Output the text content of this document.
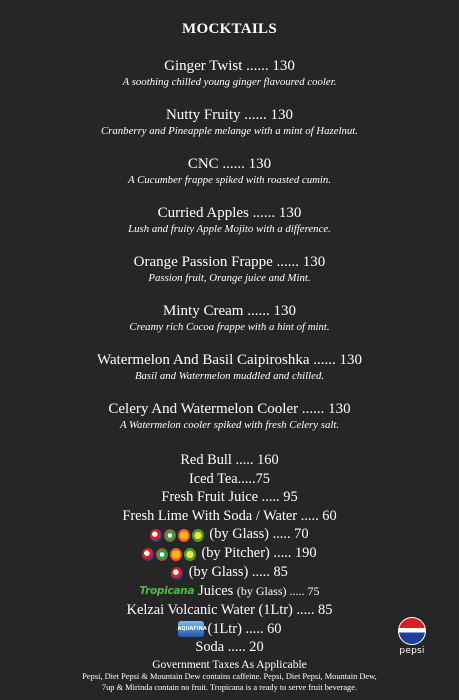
MOCKTAILS
Ginger Twist ...... 130
A soothing chilled young ginger flavoured cooler.
Nutty Fruity ...... 130
Cranberry and Pineapple melange with a mint of Hazelnut.
CNC ...... 130
A Cucumber frappe spiked with roasted cumin.
Curried Apples ...... 130
Lush and fruity Apple Mojito with a difference.
Orange Passion Frappe ...... 130
Passion fruit, Orange juice and Mint.
Minty Cream ...... 130
Creamy rich Cocoa frappe with a hint of mint.
Watermelon And Basil Caipiroshka ...... 130
Basil and Watermelon muddled and chilled.
Celery And Watermelon Cooler ...... 130
A Watermelon cooler spiked with fresh Celery salt.
Red Bull ..... 160
Iced Tea.....75
Fresh Fruit Juice ..... 95
Fresh Lime With Soda / Water ..... 60
(by Glass) ..... 70
(by Pitcher) ..... 190
(by Glass) ..... 85
Tropicana Juices (by Glass) ..... 75
Kelzai Volcanic Water (1Ltr) ..... 85
AQUAFINA(1Ltr) ..... 60
Soda ..... 20	pepsi
Government Taxes As Applicable
Pepsi, Diet Pepsi & Mountain Dew contains caffeine. Pepsi, Diet Pepsi, Mountain Dew,
7up & Mirinda contain no fruit. Tropicana is a ready to serve fruit beverage.
